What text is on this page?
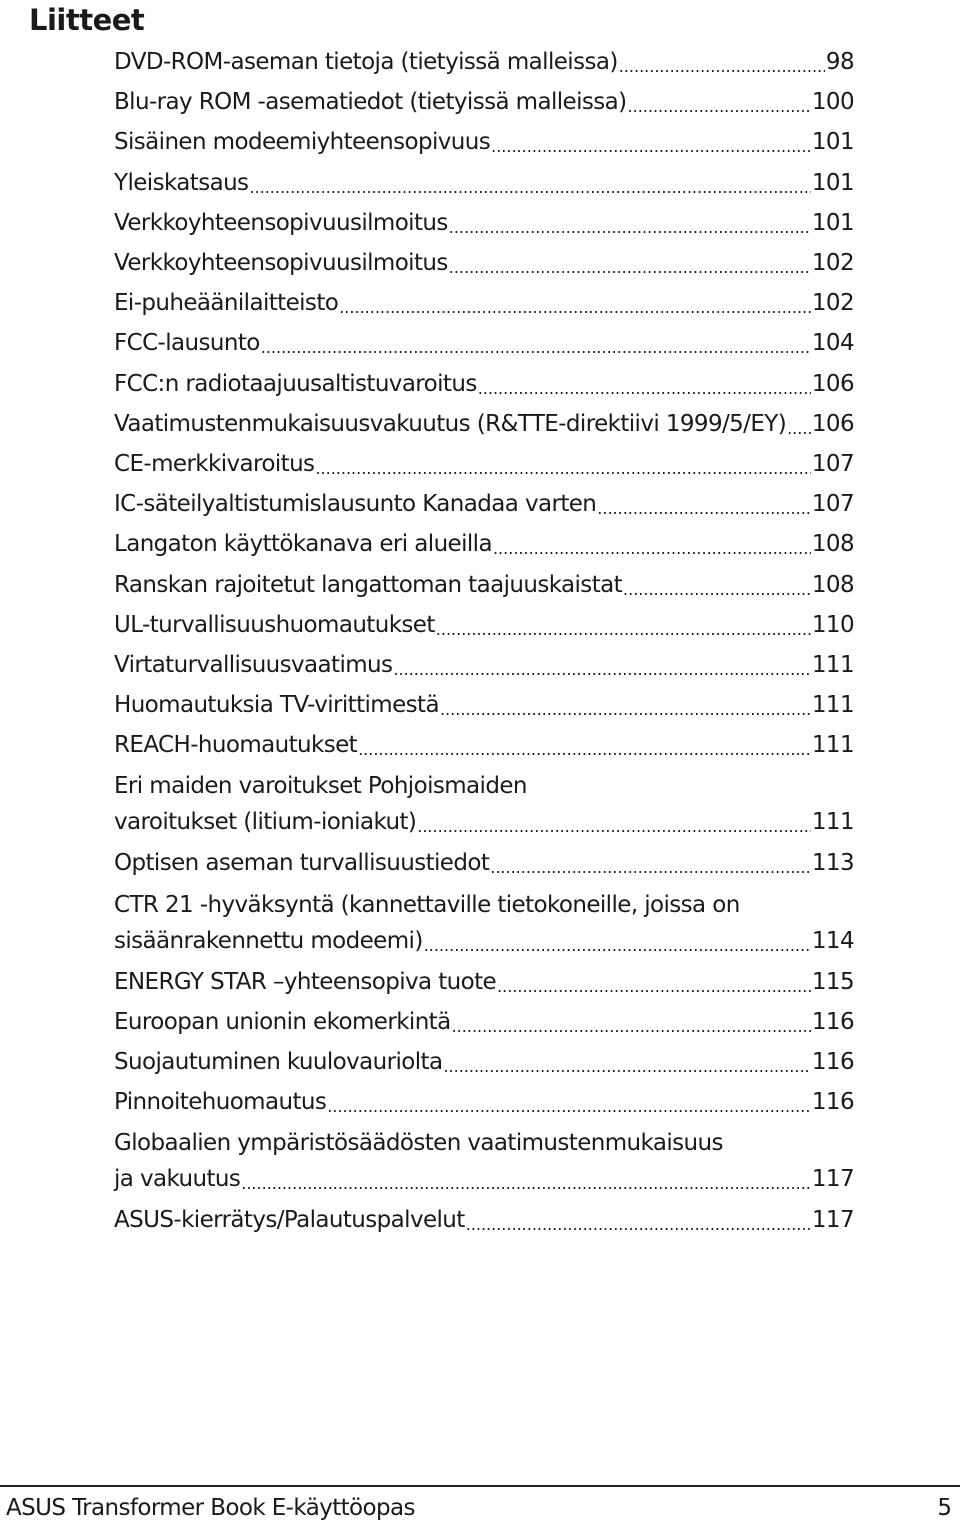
Liitteet
DVD-ROM-aseman tietoja (tietyissä malleissa) .....	98
Blu-ray ROM -asematiedot (tietyissä malleissa) .....	100
Sisäinen modeemiyhteensopivuus .....	101
Yleiskatsaus .....	101
Verkkoyhteensopivuusilmoitus .....	101
Verkkoyhteensopivuusilmoitus .....	102
Ei-puheäänilaitteisto .....	102
FCC-lausunto .....	104
FCC:n radiotaajuusaltistuvaroitus .....	106
Vaatimustenmukaisuusvakuutus (R&TTE-direktiivi 1999/5/EY) ..... 106
CE-merkkivaroitus .....	107
IC-säteilyaltistumislausunto Kanadaa varten .....	107
Langaton käyttökanava eri alueilla .....	108
Ranskan rajoitetut langattoman taajuuskaistat .....	108
UL-turvallisuushuomautukset .....	110
Virtaturvallisuusvaatimus .....	111
Huomautuksia TV-virittimestä .....	111
REACH-huomautukset .....	111
Eri maiden varoitukset Pohjoismaiden
varoitukset (litium-ioniakut) .....	111
Optisen aseman turvallisuustiedot .....	113
CTR 21 -hyväksyntä (kannettaville tietokoneille, joissa on
sisäänrakennettu modeemi) .....	114
ENERGY STAR –yhteensopiva tuote .....	115
Euroopan unionin ekomerkintä .....	116
Suojautuminen kuulovauriolta .....	116
Pinnoitehuomautus .....	116
Globaalien ympäristösäädösten vaatimustenmukaisuus
ja vakuutus .....	117
ASUS-kierrätys/Palautuspalvelut .....	117
ASUS Transformer Book E-käyttöopas	5
